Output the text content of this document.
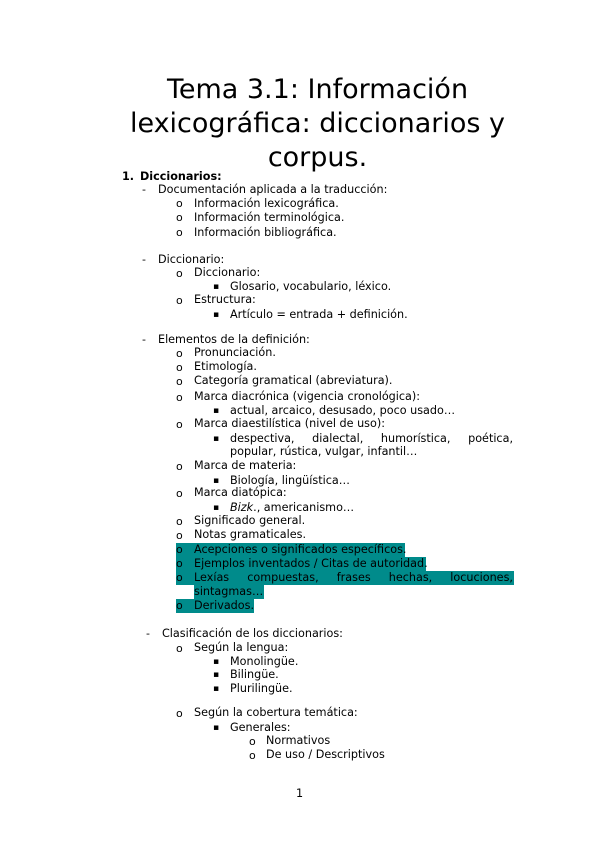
Tema 3.1: Información
lexicográfica: diccionarios y
corpus.
1. Diccionarios:
- Documentación aplicada a la traducción:
o Información lexicográfica.
o Información terminológica.
o Información bibliográfica.
- Diccionario:
o Diccionario:
▪ Glosario, vocabulario, léxico.
o Estructura:
▪ Artículo = entrada + definición.
- Elementos de la definición:
o Pronunciación.
o Etimología.
o Categoría gramatical (abreviatura).
o Marca diacrónica (vigencia cronológica):
▪ actual, arcaico, desusado, poco usado…
o Marca diaestilística (nivel de uso):
▪ despectiva, dialectal, humorística, poética,
popular, rústica, vulgar, infantil…
o Marca de materia:
▪ Biología, lingüística…
o Marca diatópica:
▪ Bizk., americanismo…
o Significado general.
o Notas gramaticales.
o Acepciones o significados específicos.
o Ejemplos inventados / Citas de autoridad.
o Lexías compuestas, frases hechas, locuciones,
sintagmas…
o Derivados.
- Clasificación de los diccionarios:
o Según la lengua:
▪ Monolingüe.
▪ Bilingüe.
▪ Plurilingüe.
o Según la cobertura temática:
▪ Generales:
o Normativos
o De uso / Descriptivos
1
